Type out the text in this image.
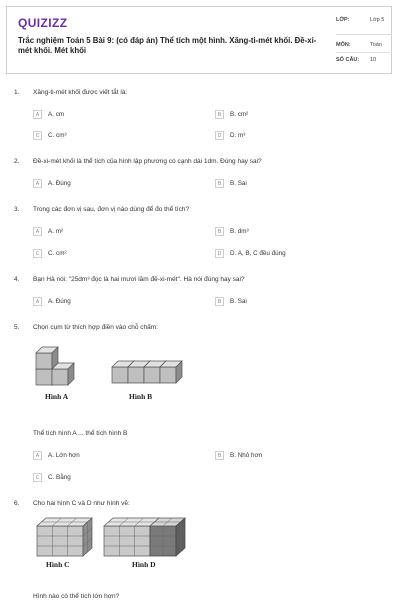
QUIZIZZ
Trắc nghiệm Toán 5 Bài 9: (có đáp án) Thể tích một hình. Xăng-ti-mét khối. Đề-xi-mét khối. Mét khối
LỚP:	Lớp 5
MÔN:	Toán
SỐ CÂU: 10
1. Xăng-ti-mét khối được viết tắt là:
A	A. cm	B	B. cm²
C	C. cm³	D	D. m³
2. Đề-xi-mét khối là thể tích của hình lập phương có cạnh dài 1dm. Đúng hay sai?
A	A. Đúng	B	B. Sai
3. Trong các đơn vị sau, đơn vị nào dùng để đo thể tích?
A	A. m²	B	B. dm³
C	C. cm²	D	D. A, B, C đều đúng
4. Bạn Hà nói: "25dm³ đọc là hai mươi lăm đề-xi-mét". Hà nói đúng hay sai?
A	A. Đúng	B	B. Sai
5. Chọn cụm từ thích hợp điền vào chỗ chấm:
Hình A	Hình B
Thể tích hình A ... thể tích hình B
A	A. Lớn hơn	B	B. Nhỏ hơn
C	C. Bằng
6. Cho hai hình C và D như hình vẽ:
Hình C	Hình D
Hình nào có thể tích lớn hơn?
